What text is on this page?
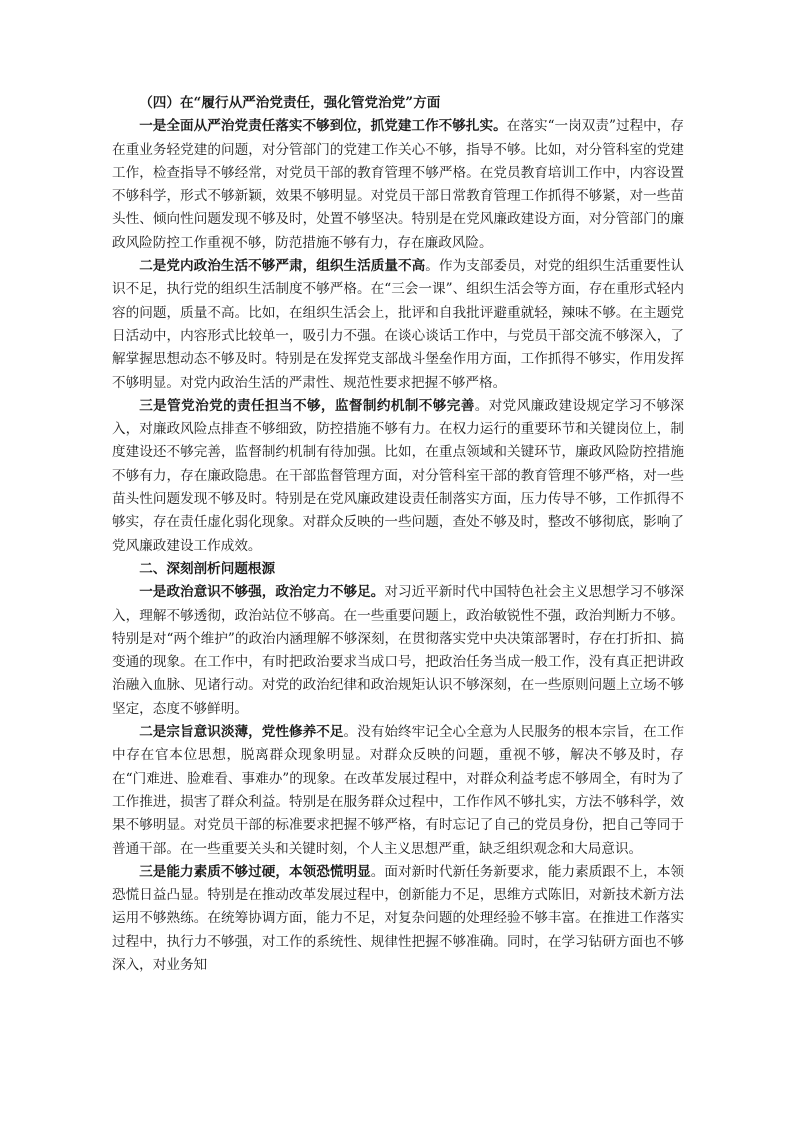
（四）在“履行从严治党责任，强化管党治党”方面

一是全面从严治党责任落实不够到位，抓党建工作不够扎实。在落实“一岗双责”过程中，存在重业务轻党建的问题，对分管部门的党建工作关心不够，指导不够。比如，对分管科室的党建工作，检查指导不够经常，对党员干部的教育管理不够严格。在党员教育培训工作中，内容设置不够科学，形式不够新颖，效果不够明显。对党员干部日常教育管理工作抓得不够紧，对一些苗头性、倾向性问题发现不够及时，处置不够坚决。特别是在党风廉政建设方面，对分管部门的廉政风险防控工作重视不够，防范措施不够有力，存在廉政风险。

二是党内政治生活不够严肃，组织生活质量不高。作为支部委员，对党的组织生活重要性认识不足，执行党的组织生活制度不够严格。在“三会一课”、组织生活会等方面，存在重形式轻内容的问题，质量不高。比如，在组织生活会上，批评和自我批评避重就轻，辣味不够。在主题党日活动中，内容形式比较单一，吸引力不强。在谈心谈话工作中，与党员干部交流不够深入，了解掌握思想动态不够及时。特别是在发挥党支部战斗堡垒作用方面，工作抓得不够实，作用发挥不够明显。对党内政治生活的严肃性、规范性要求把握不够严格。

三是管党治党的责任担当不够，监督制约机制不够完善。对党风廉政建设规定学习不够深入，对廉政风险点排查不够细致，防控措施不够有力。在权力运行的重要环节和关键岗位上，制度建设还不够完善，监督制约机制有待加强。比如，在重点领域和关键环节，廉政风险防控措施不够有力，存在廉政隐患。在干部监督管理方面，对分管科室干部的教育管理不够严格，对一些苗头性问题发现不够及时。特别是在党风廉政建设责任制落实方面，压力传导不够，工作抓得不够实，存在责任虚化弱化现象。对群众反映的一些问题，查处不够及时，整改不够彻底，影响了党风廉政建设工作成效。

二、深刻剖析问题根源

一是政治意识不够强，政治定力不够足。对习近平新时代中国特色社会主义思想学习不够深入，理解不够透彻，政治站位不够高。在一些重要问题上，政治敏锐性不强，政治判断力不够。特别是对“两个维护”的政治内涵理解不够深刻，在贯彻落实党中央决策部署时，存在打折扣、搞变通的现象。在工作中，有时把政治要求当成口号，把政治任务当成一般工作，没有真正把讲政治融入血脉、见诸行动。对党的政治纪律和政治规矩认识不够深刻，在一些原则问题上立场不够坚定，态度不够鲜明。

二是宗旨意识淡薄，党性修养不足。没有始终牢记全心全意为人民服务的根本宗旨，在工作中存在官本位思想，脱离群众现象明显。对群众反映的问题，重视不够，解决不够及时，存在“门难进、脸难看、事难办”的现象。在改革发展过程中，对群众利益考虑不够周全，有时为了工作推进，损害了群众利益。特别是在服务群众过程中，工作作风不够扎实，方法不够科学，效果不够明显。对党员干部的标准要求把握不够严格，有时忘记了自己的党员身份，把自己等同于普通干部。在一些重要关头和关键时刻，个人主义思想严重，缺乏组织观念和大局意识。

三是能力素质不够过硬，本领恐慌明显。面对新时代新任务新要求，能力素质跟不上，本领恐慌日益凸显。特别是在推动改革发展过程中，创新能力不足，思维方式陈旧，对新技术新方法运用不够熟练。在统筹协调方面，能力不足，对复杂问题的处理经验不够丰富。在推进工作落实过程中，执行力不够强，对工作的系统性、规律性把握不够准确。同时，在学习钻研方面也不够深入，对业务知
